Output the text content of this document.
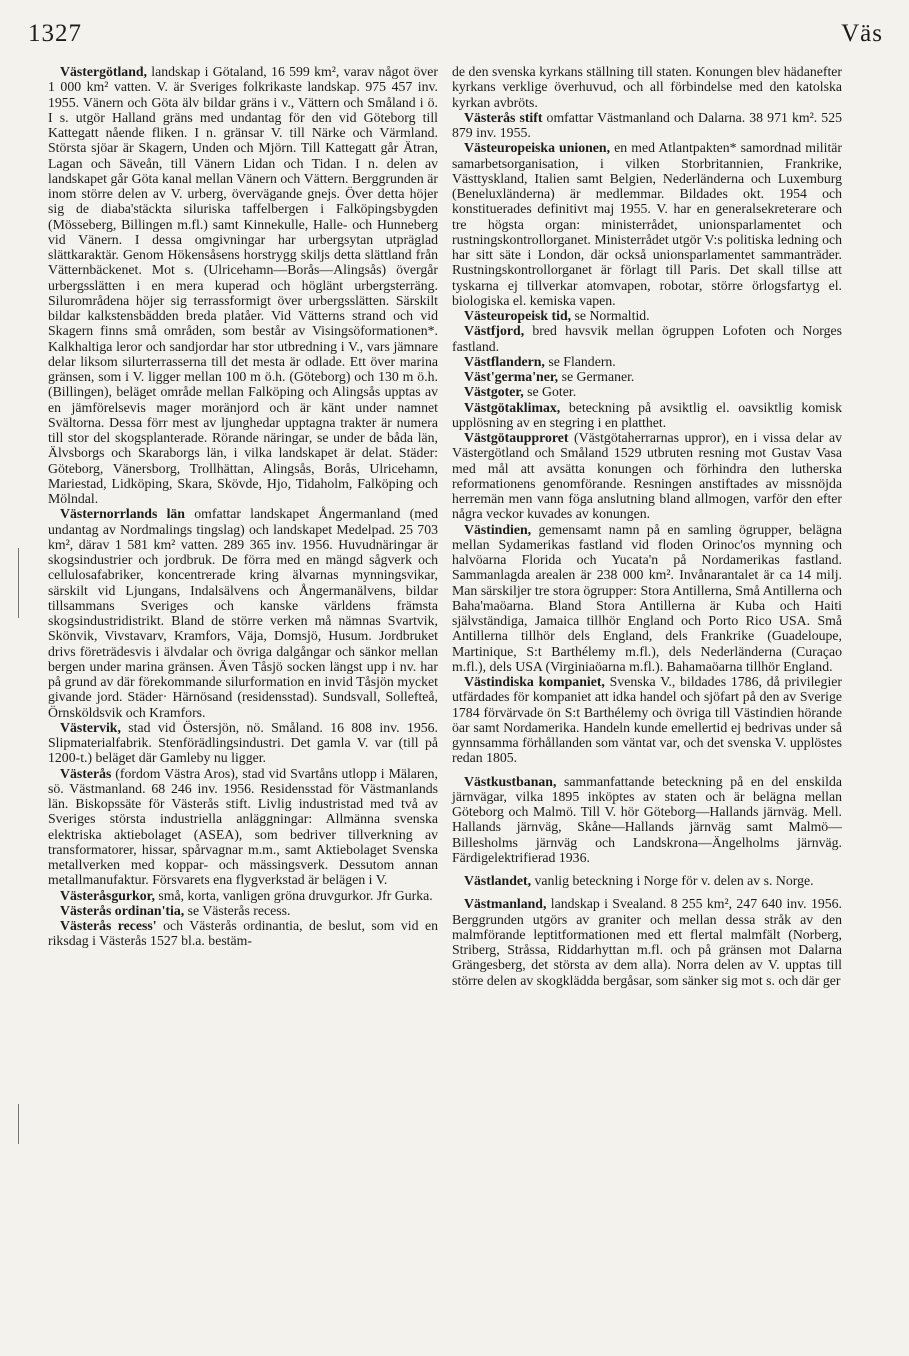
1327	Väs

Västergötland, landskap i Götaland, 16 599 km², varav något över 1 000 km² vatten. V. är Sveriges folkrikaste landskap. 975 457 inv. 1955. Vänern och Göta älv bildar gräns i v., Vättern och Småland i ö. I s. utgör Halland gräns med undantag för den vid Göteborg till Kattegatt nående fliken. I n. gränsar V. till Närke och Värmland. Största sjöar är Skagern, Unden och Mjörn. Till Kattegatt går Ätran, Lagan och Säveån, till Vänern Lidan och Tidan. I n. delen av landskapet går Göta kanal mellan Vänern och Vättern. Berggrunden är inom större delen av V. urberg, övervägande gnejs. Över detta höjer sig de diaba'stäckta siluriska taffelbergen i Falköpingsbygden (Mösseberg, Billingen m.fl.) samt Kinnekulle, Halle- och Hunneberg vid Vänern. I dessa omgivningar har urbergsytan utpräglad slättkaraktär. Genom Hökensåsens horstrygg skiljs detta slättland från Vätternbäckenet. Mot s. (Ulricehamn—Borås—Alingsås) övergår urbergsslätten i en mera kuperad och höglänt urbergsterräng. Silurområdena höjer sig terrassformigt över urbergsslätten. Särskilt bildar kalkstensbädden breda platåer. Vid Vätterns strand och vid Skagern finns små områden, som består av Visingsöformationen*. Kalkhaltiga leror och sandjordar har stor utbredning i V., vars jämnare delar liksom silurterrasserna till det mesta är odlade. Ett över marina gränsen, som i V. ligger mellan 100 m ö.h. (Göteborg) och 130 m ö.h. (Billingen), beläget område mellan Falköping och Alingsås upptas av en jämförelsevis mager moränjord och är känt under namnet Svältorna. Dessa förr mest av ljunghedar upptagna trakter är numera till stor del skogsplanterade. Rörande näringar, se under de båda län, Älvsborgs och Skaraborgs län, i vilka landskapet är delat. Städer: Göteborg, Vänersborg, Trollhättan, Alingsås, Borås, Ulricehamn, Mariestad, Lidköping, Skara, Skövde, Hjo, Tidaholm, Falköping och Mölndal.

Västernorrlands län omfattar landskapet Ångermanland (med undantag av Nordmalings tingslag) och landskapet Medelpad. 25 703 km², därav 1 581 km² vatten. 289 365 inv. 1956. Huvudnäringar är skogsindustrier och jordbruk. De förra med en mängd sågverk och cellulosafabriker, koncentrerade kring älvarnas mynningsvikar, särskilt vid Ljungans, Indalsälvens och Ångermanälvens, bildar tillsammans Sveriges och kanske världens främsta skogsindustridistrikt. Bland de större verken må nämnas Svartvik, Skönvik, Vivstavarv, Kramfors, Väja, Domsjö, Husum. Jordbruket drivs företrädesvis i älvdalar och övriga dalgångar och sänkor mellan bergen under marina gränsen. Även Tåsjö socken längst upp i nv. har på grund av där förekommande silurformation en invid Tåsjön mycket givande jord. Städer· Härnösand (residensstad). Sundsvall, Sollefteå, Örnsköldsvik och Kramfors.

Västervik, stad vid Östersjön, nö. Småland. 16 808 inv. 1956. Slipmaterialfabrik. Stenförädlingsindustri. Det gamla V. var (till på 1200-t.) beläget där Gamleby nu ligger.

Västerås (fordom Västra Aros), stad vid Svartåns utlopp i Mälaren, sö. Västmanland. 68 246 inv. 1956. Residensstad för Västmanlands län. Biskopssäte för Västerås stift. Livlig industristad med två av Sveriges största industriella anläggningar: Allmänna svenska elektriska aktiebolaget (ASEA), som bedriver tillverkning av transformatorer, hissar, spårvagnar m.m., samt Aktiebolaget Svenska metallverken med koppar- och mässingsverk. Dessutom annan metallmanufaktur. Försvarets ena flygverkstad är belägen i V.

Västeråsgurkor, små, korta, vanligen gröna druvgurkor. Jfr Gurka.

Västerås ordinan'tia, se Västerås recess.

Västerås recess' och Västerås ordinantia, de beslut, som vid en riksdag i Västerås 1527 bl.a. bestäm-

de den svenska kyrkans ställning till staten. Konungen blev hädanefter kyrkans verklige överhuvud, och all förbindelse med den katolska kyrkan avbröts.

Västerås stift omfattar Västmanland och Dalarna. 38 971 km². 525 879 inv. 1955.

Västeuropeiska unionen, en med Atlantpakten* samordnad militär samarbetsorganisation, i vilken Storbritannien, Frankrike, Västtyskland, Italien samt Belgien, Nederländerna och Luxemburg (Beneluxländerna) är medlemmar. Bildades okt. 1954 och konstituerades definitivt maj 1955. V. har en generalsekreterare och tre högsta organ: ministerrådet, unionsparlamentet och rustningskontrollorganet. Ministerrådet utgör V:s politiska ledning och har sitt säte i London, där också unionsparlamentet sammanträder. Rustningskontrollorganet är förlagt till Paris. Det skall tillse att tyskarna ej tillverkar atomvapen, robotar, större örlogsfartyg el. biologiska el. kemiska vapen.

Västeuropeisk tid, se Normaltid.

Västfjord, bred havsvik mellan ögruppen Lofoten och Norges fastland.

Västflandern, se Flandern.

Väst'germa'ner, se Germaner.

Västgoter, se Goter.

Västgötaklimax, beteckning på avsiktlig el. oavsiktlig komisk upplösning av en stegring i en platthet.

Västgötaupproret (Västgötaherrarnas uppror), en i vissa delar av Västergötland och Småland 1529 utbruten resning mot Gustav Vasa med mål att avsätta konungen och förhindra den lutherska reformationens genomförande. Resningen anstiftades av missnöjda herremän men vann föga anslutning bland allmogen, varför den efter några veckor kuvades av konungen.

Västindien, gemensamt namn på en samling ögrupper, belägna mellan Sydamerikas fastland vid floden Orinoc'os mynning och halvöarna Florida och Yucata'n på Nordamerikas fastland. Sammanlagda arealen är 238 000 km². Invånarantalet är ca 14 milj. Man särskiljer tre stora ögrupper: Stora Antillerna, Små Antillerna och Baha'maöarna. Bland Stora Antillerna är Kuba och Haiti självständiga, Jamaica tillhör England och Porto Rico USA. Små Antillerna tillhör dels England, dels Frankrike (Guadeloupe, Martinique, S:t Barthélemy m.fl.), dels Nederländerna (Curaçao m.fl.), dels USA (Virginiaöarna m.fl.). Bahamaöarna tillhör England.

Västindiska kompaniet, Svenska V., bildades 1786, då privilegier utfärdades för kompaniet att idka handel och sjöfart på den av Sverige 1784 förvärvade ön S:t Barthélemy och övriga till Västindien hörande öar samt Nordamerika. Handeln kunde emellertid ej bedrivas under så gynnsamma förhållanden som väntat var, och det svenska V. upplöstes redan 1805.

Västkustbanan, sammanfattande beteckning på en del enskilda järnvägar, vilka 1895 inköptes av staten och är belägna mellan Göteborg och Malmö. Till V. hör Göteborg—Hallands järnväg. Mell. Hallands järnväg, Skåne—Hallands järnväg samt Malmö—Billesholms järnväg och Landskrona—Ängelholms järnväg. Färdigelektrifierad 1936.

Västlandet, vanlig beteckning i Norge för v. delen av s. Norge.

Västmanland, landskap i Svealand. 8 255 km², 247 640 inv. 1956. Berggrunden utgörs av graniter och mellan dessa stråk av den malmförande leptitformationen med ett flertal malmfält (Norberg, Striberg, Stråssa, Riddarhyttan m.fl. och på gränsen mot Dalarna Grängesberg, det största av dem alla). Norra delen av V. upptas till större delen av skogklädda bergåsar, som sänker sig mot s. och där ger
